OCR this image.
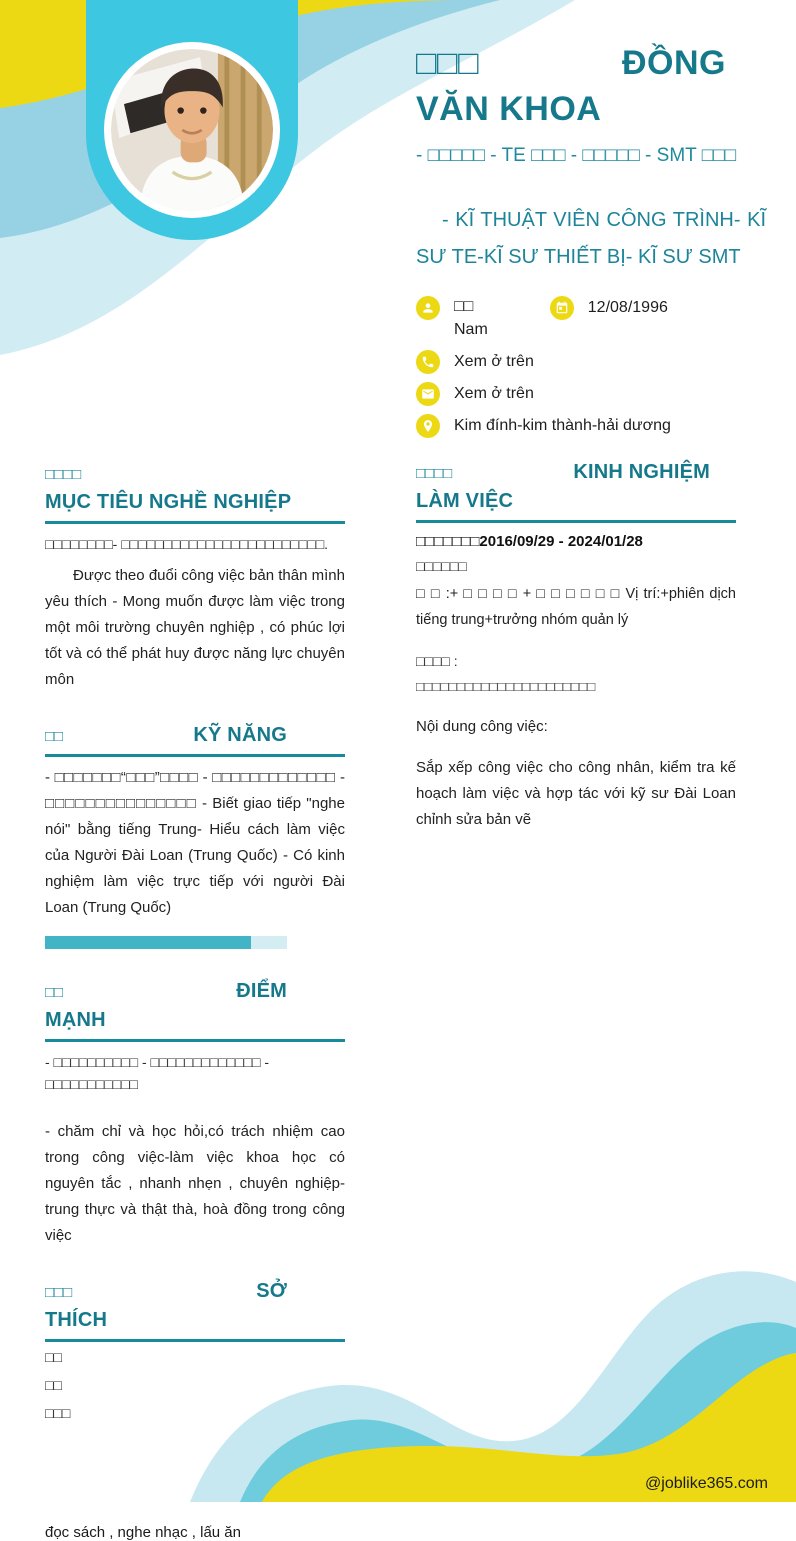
□□□	ĐỒNG
VĂN KHOA
- □□□□□ - TE □□□ - □□□□□ - SMT □□□

- KĨ THUẬT VIÊN CÔNG TRÌNH- KĨ SƯ TE-KĨ SƯ THIẾT BỊ- KĨ SƯ SMT

□□
Nam
12/08/1996
Xem ở trên
Xem ở trên
Kim đính-kim thành-hải dương
□□□□
MỤC TIÊU NGHỀ NGHIỆP
□□□□□□□□- □□□□□□□□□□□□□□□□□□□□□□□□.

Được theo đuổi công việc bản thân mình yêu thích - Mong muốn được làm việc trong một môi trường chuyên nghiệp , có phúc lợi tốt và có thể phát huy được năng lực chuyên môn

□□	KỸ NĂNG

- □□□□□□□“□□□”□□□□ - □□□□□□□□□□□□□ - □□□□□□□□□□□□□□□ - Biết giao tiếp "nghe nói" bằng tiếng Trung- Hiểu cách làm việc của Người Đài Loan (Trung Quốc) - Có kinh nghiệm làm việc trực tiếp với người Đài Loan (Trung Quốc)

□□	ĐIỂM
MẠNH
- □□□□□□□□□□ - □□□□□□□□□□□□□ - □□□□□□□□□□□

- chăm chỉ và học hỏi,có trách nhiệm cao trong công việc-làm việc khoa học có nguyên tắc , nhanh nhẹn , chuyên nghiệp- trung thực và thật thà, hoà đồng trong công việc

□□□	SỞ
THÍCH
□□
□□
□□□
đọc sách , nghe nhạc , lấu ăn
□□□□	KINH NGHIỆM
LÀM VIỆC
□□□□□□□2016/09/29 - 2024/01/28
□□□□□□

□ □ :+ □ □ □ □ + □ □ □ □ □ □ Vị trí:+phiên dịch tiếng trung+trưởng nhóm quản lý

□□□□ :
□□□□□□□□□□□□□□□□□□□□□□
Nội dung công việc:

Sắp xếp công việc cho công nhân, kiểm tra kế hoạch làm việc và hợp tác với kỹ sư Đài Loan chỉnh sửa bản vẽ

@joblike365.com
